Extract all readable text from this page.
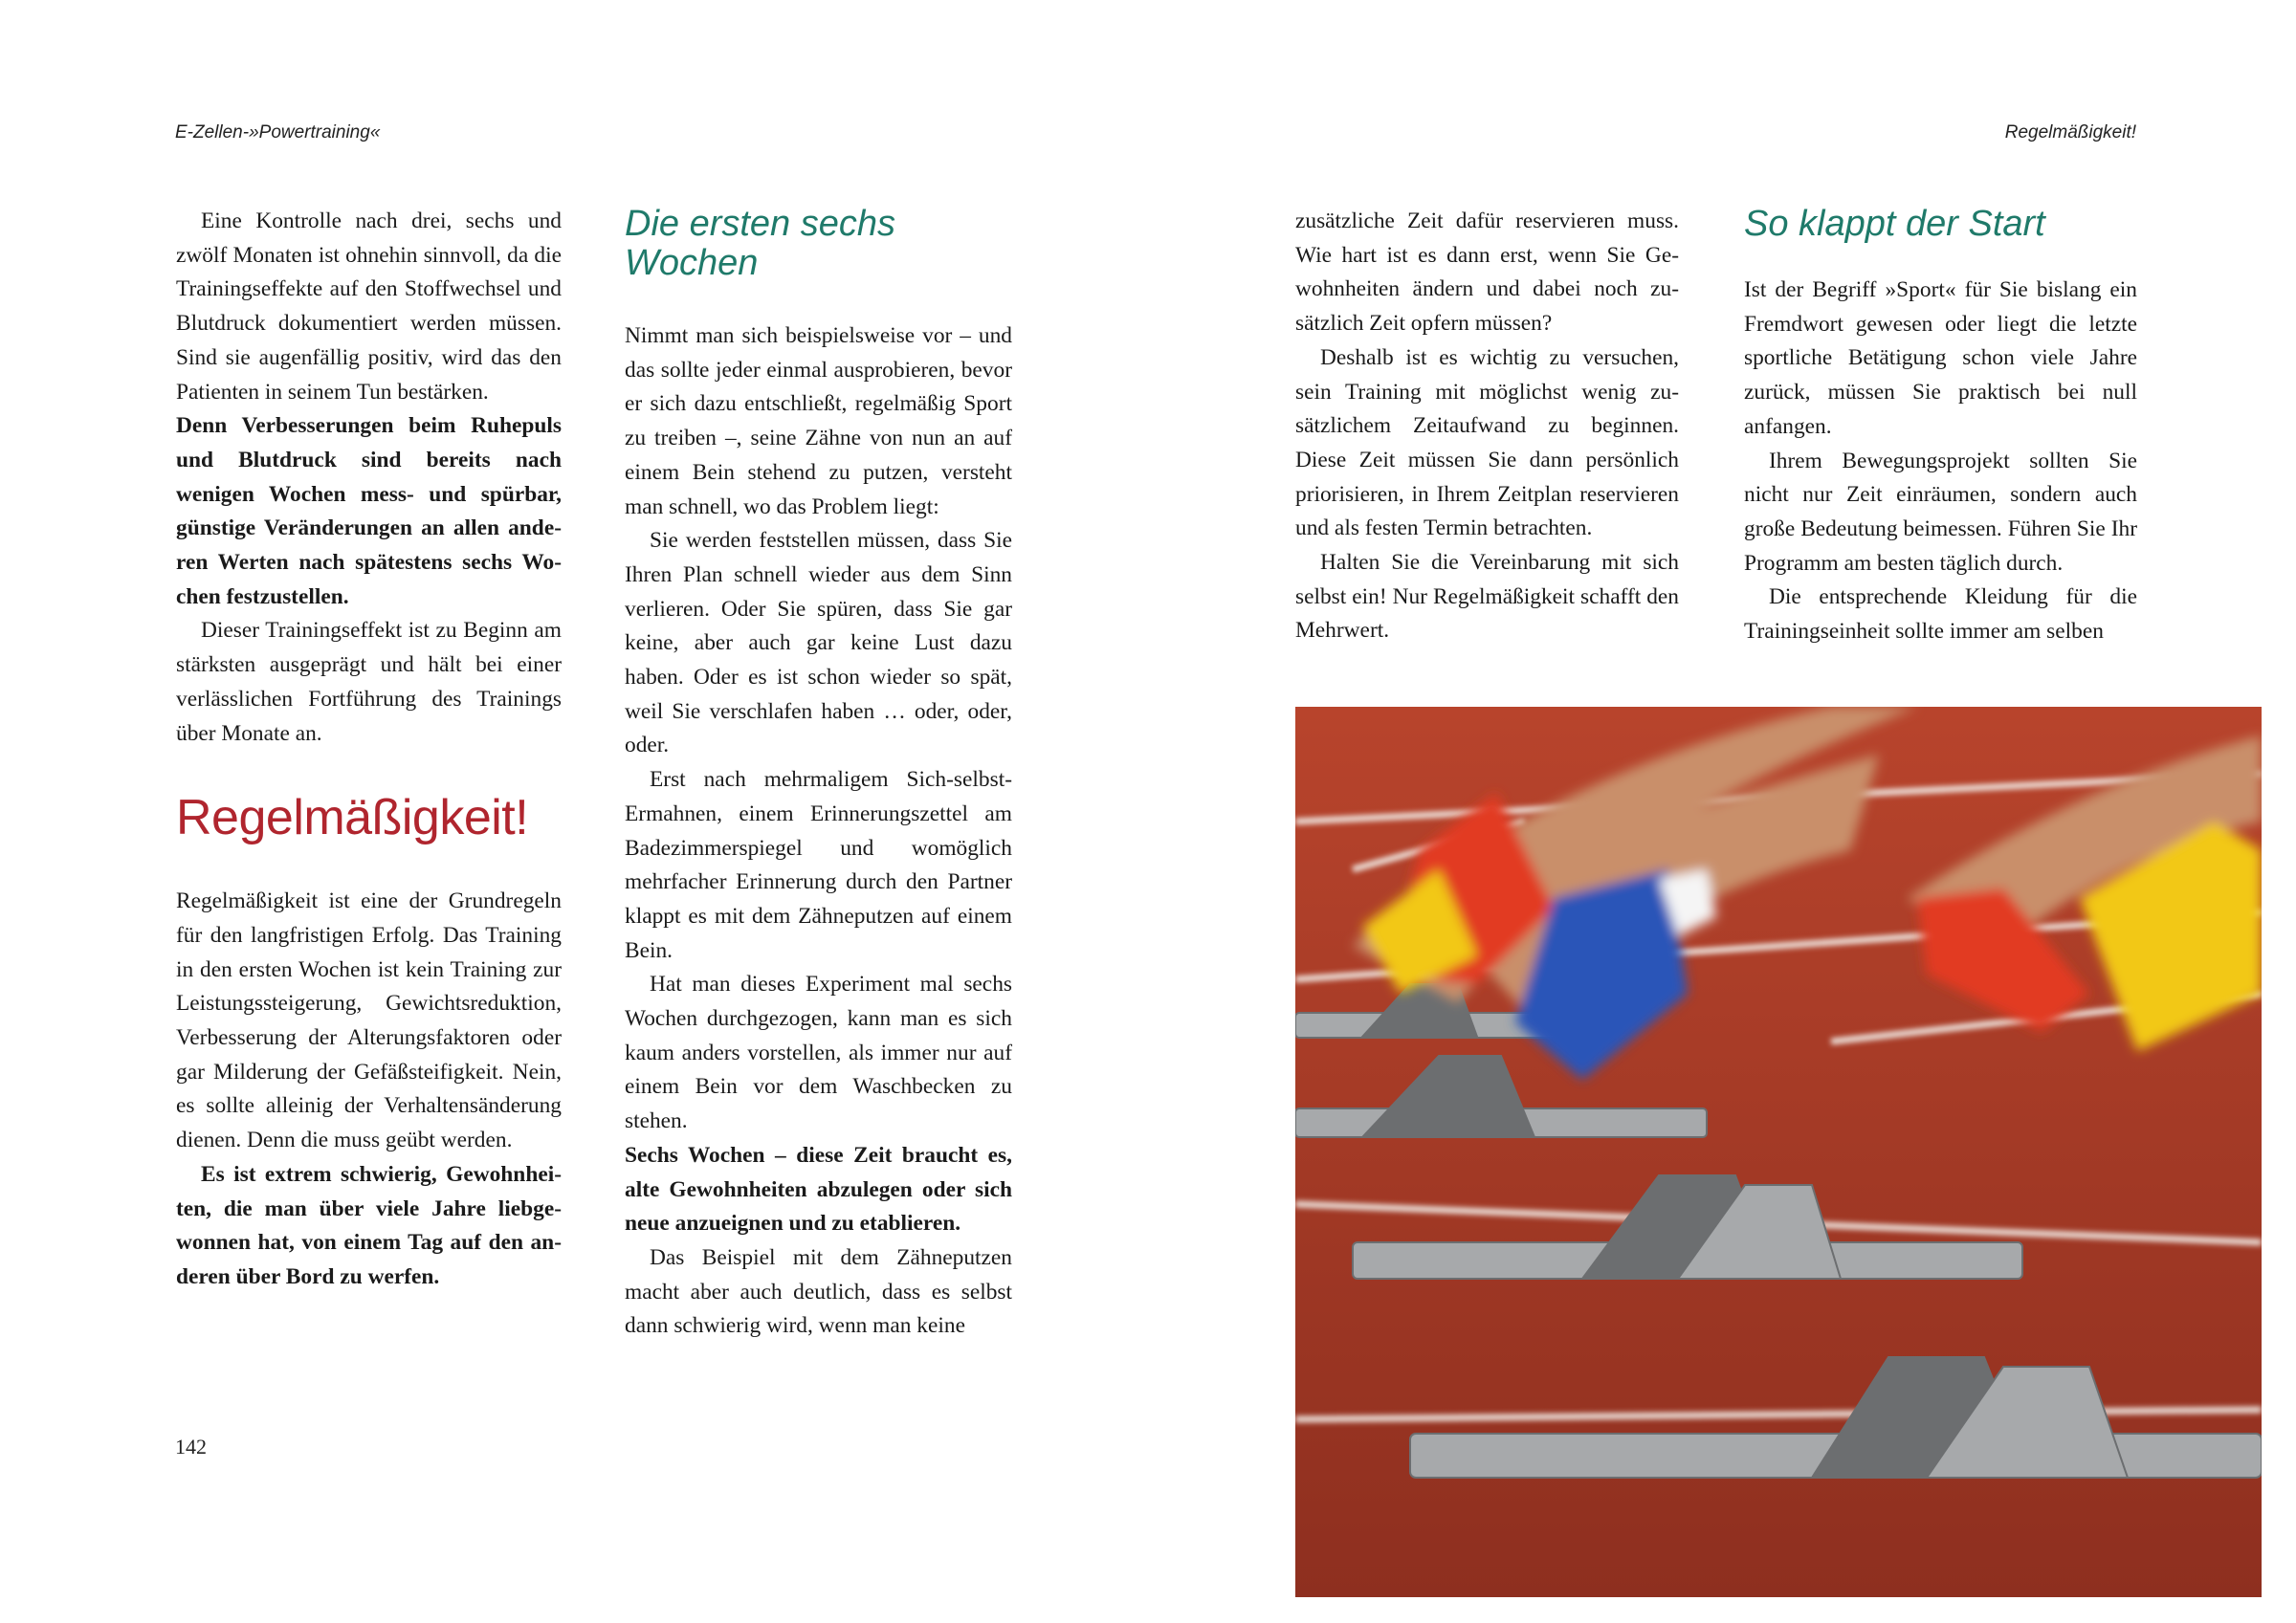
E-Zellen-»Powertraining«

Eine Kontrolle nach drei, sechs und zwölf Monaten ist ohnehin sinnvoll, da die Trainingseffekte auf den Stoffwechsel und Blutdruck dokumentiert werden müssen. Sind sie augenfällig positiv, wird das den Patienten in seinem Tun bestärken.

Denn Verbesserungen beim Ruhepuls und Blutdruck sind bereits nach wenigen Wochen mess- und spürbar, günstige Veränderungen an allen anderen Werten nach spätestens sechs Wochen festzustellen.

Dieser Trainingseffekt ist zu Beginn am stärksten ausgeprägt und hält bei einer verlässlichen Fortführung des Trainings über Monate an.

Regelmäßigkeit!

Regelmäßigkeit ist eine der Grundregeln für den langfristigen Erfolg. Das Training in den ersten Wochen ist kein Training zur Leistungssteigerung, Gewichtsreduktion, Verbesserung der Alterungsfaktoren oder gar Milderung der Gefäßsteifigkeit. Nein, es sollte alleinig der Verhaltensänderung dienen. Denn die muss geübt werden.

Es ist extrem schwierig, Gewohnheiten, die man über viele Jahre liebgewonnen hat, von einem Tag auf den anderen über Bord zu werfen.

Die ersten sechs Wochen

Nimmt man sich beispielsweise vor – und das sollte jeder einmal ausprobieren, bevor er sich dazu entschließt, regelmäßig Sport zu treiben –, seine Zähne von nun an auf einem Bein stehend zu putzen, versteht man schnell, wo das Problem liegt:

Sie werden feststellen müssen, dass Sie Ihren Plan schnell wieder aus dem Sinn verlieren. Oder Sie spüren, dass Sie gar keine, aber auch gar keine Lust dazu haben. Oder es ist schon wieder so spät, weil Sie verschlafen haben … oder, oder, oder.

Erst nach mehrmaligem Sich-selbst-Ermahnen, einem Erinnerungszettel am Badezimmerspiegel und womöglich mehrfacher Erinnerung durch den Partner klappt es mit dem Zähneputzen auf einem Bein.

Hat man dieses Experiment mal sechs Wochen durchgezogen, kann man es sich kaum anders vorstellen, als immer nur auf einem Bein vor dem Waschbecken zu stehen.

Sechs Wochen – diese Zeit braucht es, alte Gewohnheiten abzulegen oder sich neue anzueignen und zu etablieren.

Das Beispiel mit dem Zähneputzen macht aber auch deutlich, dass es selbst dann schwierig wird, wenn man keine

142
Regelmäßigkeit!

zusätzliche Zeit dafür reservieren muss. Wie hart ist es dann erst, wenn Sie Gewohnheiten ändern und dabei noch zusätzlich Zeit opfern müssen?

Deshalb ist es wichtig zu versuchen, sein Training mit möglichst wenig zusätzlichem Zeitaufwand zu beginnen. Diese Zeit müssen Sie dann persönlich priorisieren, in Ihrem Zeitplan reservieren und als festen Termin betrachten.

Halten Sie die Vereinbarung mit sich selbst ein! Nur Regelmäßigkeit schafft den Mehrwert.

So klappt der Start

Ist der Begriff »Sport« für Sie bislang ein Fremdwort gewesen oder liegt die letzte sportliche Betätigung schon viele Jahre zurück, müssen Sie praktisch bei null anfangen.

Ihrem Bewegungsprojekt sollten Sie nicht nur Zeit einräumen, sondern auch große Bedeutung beimessen. Führen Sie Ihr Programm am besten täglich durch.

Die entsprechende Kleidung für die Trainingseinheit sollte immer am selben
